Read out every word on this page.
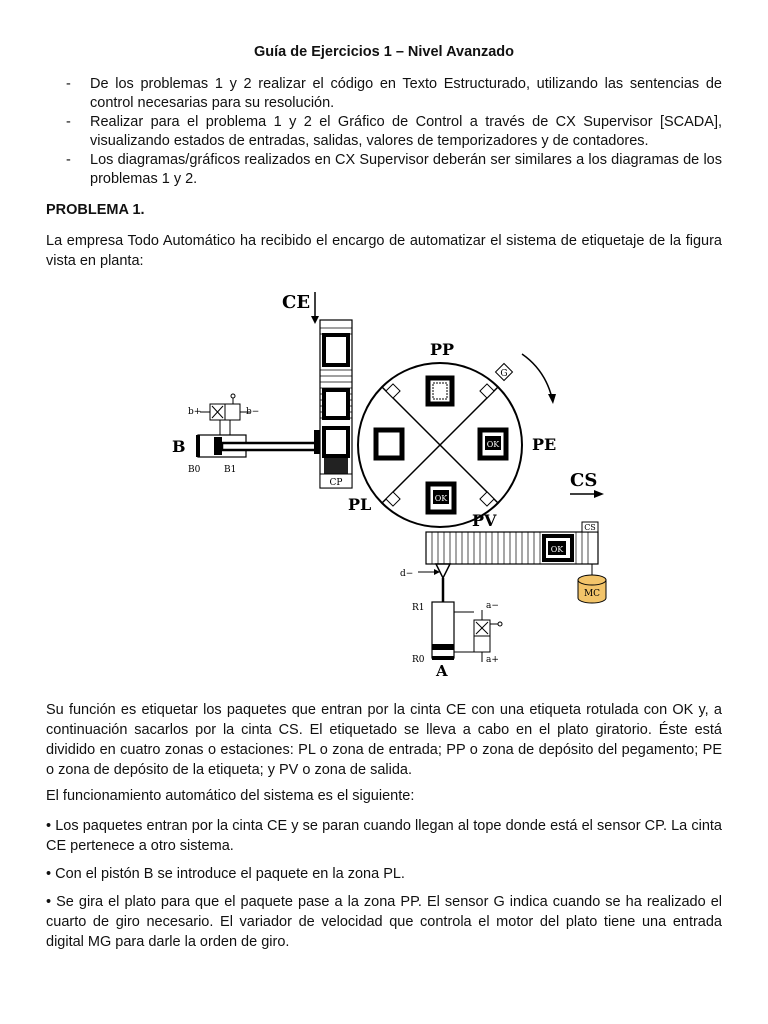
Guía de Ejercicios 1 – Nivel Avanzado
- De los problemas 1 y 2 realizar el código en Texto Estructurado, utilizando las sentencias de control necesarias para su resolución.
- Realizar para el problema 1 y 2 el Gráfico de Control a través de CX Supervisor [SCADA], visualizando estados de entradas, salidas, valores de temporizadores y de contadores.
- Los diagramas/gráficos realizados en CX Supervisor deberán ser similares a los diagramas de los problemas 1 y 2.
PROBLEMA 1.

La empresa Todo Automático ha recibido el encargo de automatizar el sistema de etiquetaje de la figura vista en planta:

CP
CE
PL
B
B0	B1
b+	b−
OK
OK
PP
PE
PV
G
OK
CS
CS
MC
d−
R1
R0
A
a−
a+

Su función es etiquetar los paquetes que entran por la cinta CE con una etiqueta rotulada con OK y, a continuación sacarlos por la cinta CS. El etiquetado se lleva a cabo en el plato giratorio. Éste está dividido en cuatro zonas o estaciones: PL o zona de entrada; PP o zona de depósito del pegamento; PE o zona de depósito de la etiqueta; y PV o zona de salida.

El funcionamiento automático del sistema es el siguiente:

• Los paquetes entran por la cinta CE y se paran cuando llegan al tope donde está el sensor CP. La cinta CE pertenece a otro sistema.

• Con el pistón B se introduce el paquete en la zona PL.

• Se gira el plato para que el paquete pase a la zona PP. El sensor G indica cuando se ha realizado el cuarto de giro necesario. El variador de velocidad que controla el motor del plato tiene una entrada digital MG para darle la orden de giro.
